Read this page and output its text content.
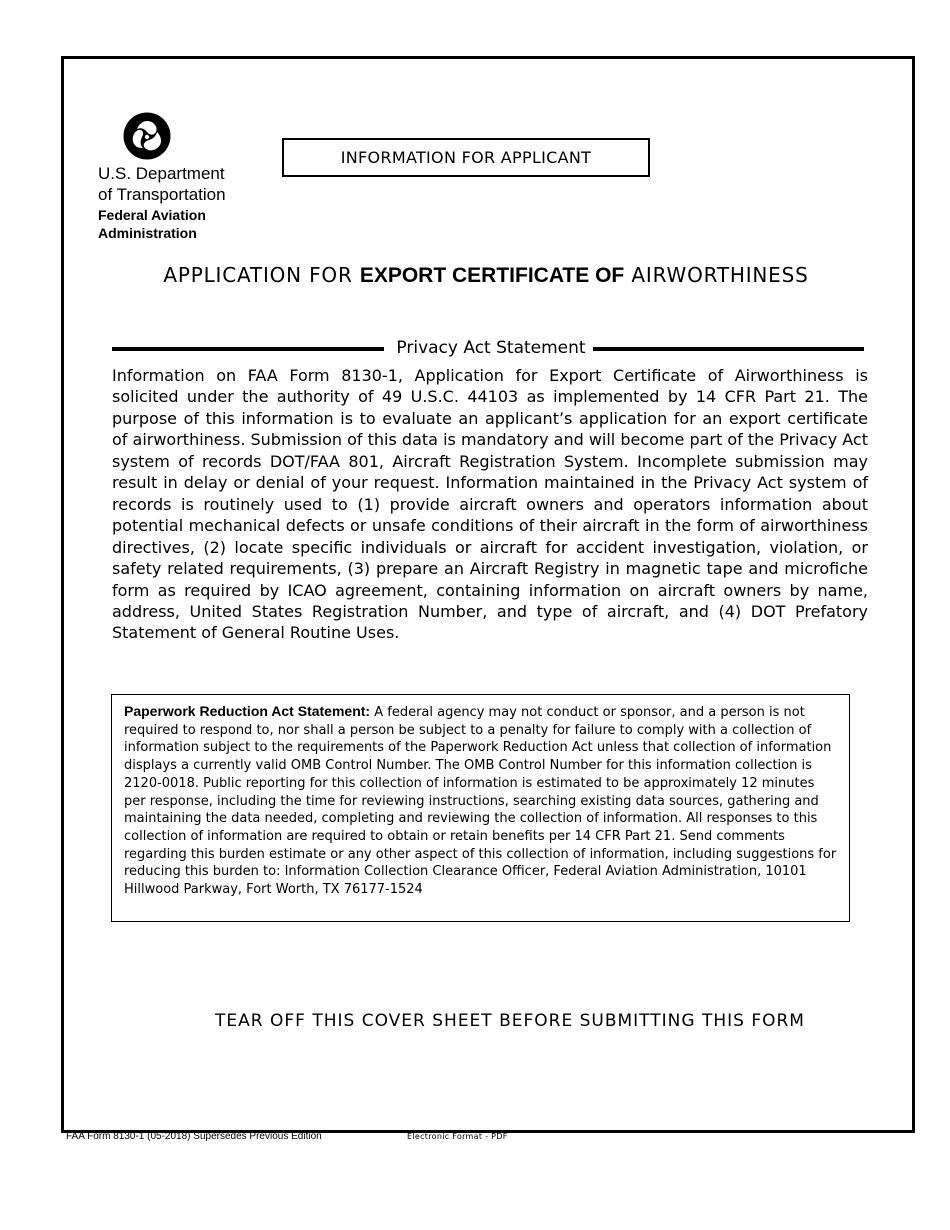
U.S. Department
of Transportation
Federal Aviation
Administration
INFORMATION FOR APPLICANT
APPLICATION FOR EXPORT CERTIFICATE OF AIRWORTHINESS
Privacy Act Statement
Information on FAA Form 8130-1, Application for Export Certificate of Airworthiness is solicited under the authority of 49 U.S.C. 44103 as implemented by 14 CFR Part 21. The purpose of this information is to evaluate an applicant’s application for an export certificate of airworthiness. Submission of this data is mandatory and will become part of the Privacy Act system of records DOT/FAA 801, Aircraft Registration System. Incomplete submission may result in delay or denial of your request. Information maintained in the Privacy Act system of records is routinely used to (1) provide aircraft owners and operators information about potential mechanical defects or unsafe conditions of their aircraft in the form of airworthiness directives, (2) locate specific individuals or aircraft for accident investigation, violation, or safety related requirements, (3) prepare an Aircraft Registry in magnetic tape and microfiche form as required by ICAO agreement, containing information on aircraft owners by name, address, United States Registration Number, and type of aircraft, and (4) DOT Prefatory Statement of General Routine Uses.
Paperwork Reduction Act Statement: A federal agency may not conduct or sponsor, and a person is not required to respond to, nor shall a person be subject to a penalty for failure to comply with a collection of information subject to the requirements of the Paperwork Reduction Act unless that collection of information displays a currently valid OMB Control Number. The OMB Control Number for this information collection is 2120-0018. Public reporting for this collection of information is estimated to be approximately 12 minutes per response, including the time for reviewing instructions, searching existing data sources, gathering and maintaining the data needed, completing and reviewing the collection of information. All responses to this collection of information are required to obtain or retain benefits per 14 CFR Part 21. Send comments regarding this burden estimate or any other aspect of this collection of information, including suggestions for reducing this burden to: Information Collection Clearance Officer, Federal Aviation Administration, 10101 Hillwood Parkway, Fort Worth, TX 76177-1524
TEAR OFF THIS COVER SHEET BEFORE SUBMITTING THIS FORM
FAA Form 8130-1 (05-2018) Supersedes Previous Edition	Electronic Format - PDF
